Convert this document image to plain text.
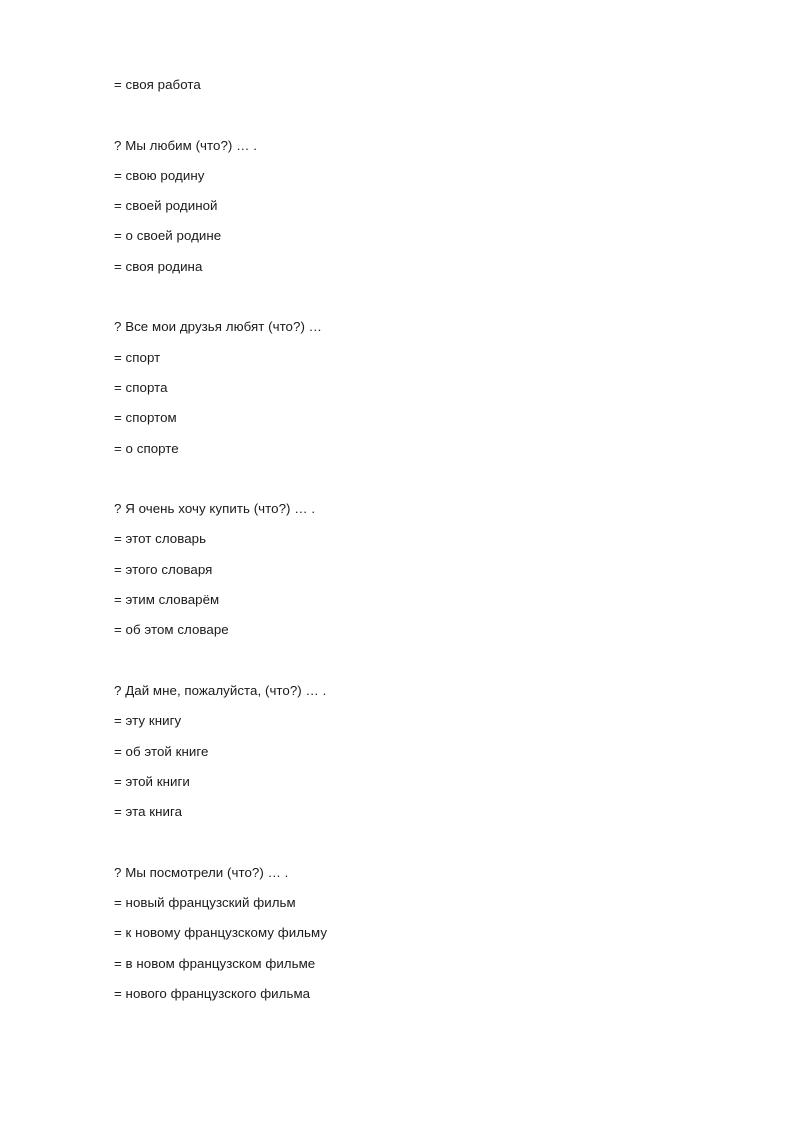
= своя работа
? Мы любим (что?) … .
= свою родину
= своей родиной
= о своей родине
= своя родина
? Все мои друзья любят (что?) …
= спорт
= спорта
= спортом
= о спорте
? Я очень хочу купить (что?) … .
= этот словарь
= этого словаря
= этим словарём
= об этом словаре
? Дай мне, пожалуйста, (что?) … .
= эту книгу
= об этой книге
= этой книги
= эта книга
? Мы посмотрели (что?) … .
= новый французский фильм
= к новому французскому фильму
= в новом французском фильме
= нового французского фильма
